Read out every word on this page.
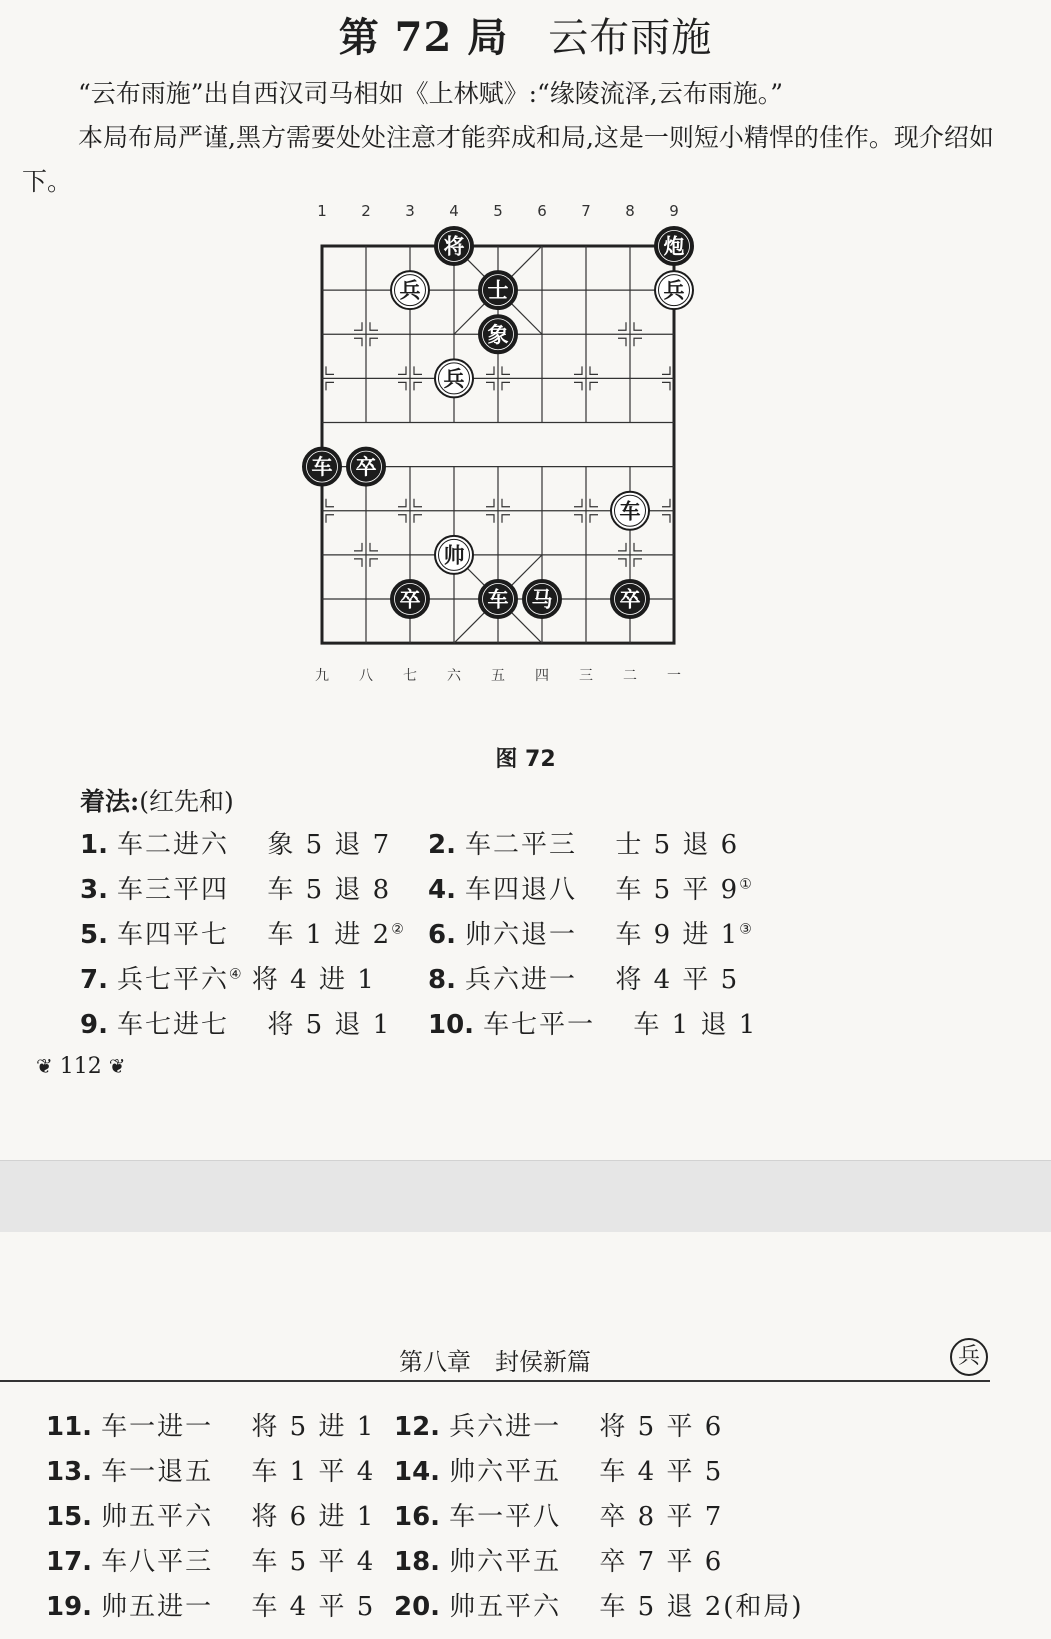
第 72 局 云布雨施
“云布雨施”出自西汉司马相如《上林赋》:“缘陵流泽,云布雨施。”
本局布局严谨,黑方需要处处注意才能弈成和局,这是一则短小精悍的佳作。现介绍如下。
1 2 3 4 5 6 7 8 9
九 八 七 六 五 四 三 二 一
将	炮
兵	士	兵
象
兵
车 卒
车
帅
卒	车 马	卒
图 72
着法:(红先和)
1. 车二进六　 象 5 退 7 2. 车二平三　 士 5 退 6
3. 车三平四　 车 5 退 8 4. 车四退八　 车 5 平 9①
5. 车四平七　 车 1 进 2② 6. 帅六退一　 车 9 进 1③
7. 兵七平六④ 将 4 进 1 8. 兵六进一　 将 4 平 5
9. 车七进七　 将 5 退 1 10. 车七平一　 车 1 退 1
❦ 112 ❦
第八章　封侯新篇	兵
11. 车一进一　 将 5 进 1 12. 兵六进一　 将 5 平 6
13. 车一退五　 车 1 平 4 14. 帅六平五　 车 4 平 5
15. 帅五平六　 将 6 进 1 16. 车一平八　 卒 8 平 7
17. 车八平三　 车 5 平 4 18. 帅六平五　 卒 7 平 6
19. 帅五进一　 车 4 平 5 20. 帅五平六　 车 5 退 2(和局)
